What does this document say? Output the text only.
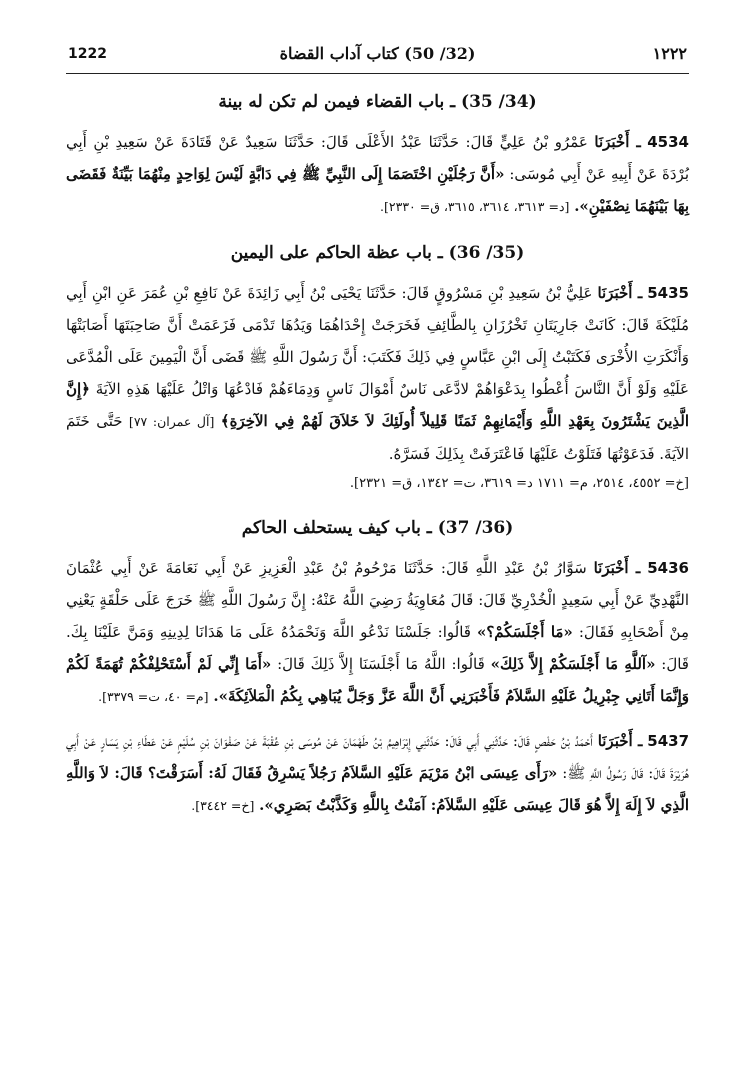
1222	(32/ 50) كتاب آداب القضاة	١٢٢٢
(34/ 35) ـ باب القضاء فيمن لم تكن له بينة

4534 ـ أَخْبَرَنَا عَمْرُو بْنُ عَلِيٍّ قَالَ: حَدَّثَنَا عَبْدُ الأَعْلَى قَالَ: حَدَّثَنَا سَعِيدٌ عَنْ قَتَادَةَ عَنْ سَعِيدِ بْنِ أَبِي بُرْدَةَ عَنْ أَبِيهِ عَنْ أَبِي مُوسَى: «أَنَّ رَجُلَيْنِ اخْتَصَمَا إِلَى النَّبِيِّ ﷺ فِي دَابَّةٍ لَيْسَ لِوَاحِدٍ مِنْهُمَا بَيِّنَةٌ فَقَضَى بِهَا بَيْنَهُمَا نِصْفَيْنِ». [د= ٣٦١٣، ٣٦١٤، ٣٦١٥، ق= ٢٣٣٠].

(35/ 36) ـ باب عظة الحاكم على اليمين

5435 ـ أَخْبَرَنَا عَلِيُّ بْنُ سَعِيدِ بْنِ مَسْرُوقٍ قَالَ: حَدَّثَنَا يَحْيَى بْنُ أَبِي زَائِدَةَ عَنْ نَافِعِ بْنِ عُمَرَ عَنِ ابْنِ أَبِي مُلَيْكَةَ قَالَ: كَانَتْ جَارِيَتَانِ تَخْرُزَانِ بِالطَّائِفِ فَخَرَجَتْ إِحْدَاهُمَا وَيَدُهَا تَدْمَى فَزَعَمَتْ أَنَّ صَاحِبَتَهَا أَصَابَتْهَا وَأَنْكَرَتِ الأُخْرَى فَكَتَبْتُ إِلَى ابْنِ عَبَّاسٍ فِي ذَلِكَ فَكَتَبَ: أَنَّ رَسُولَ اللَّهِ ﷺ قَضَى أَنَّ الْيَمِينَ عَلَى الْمُدَّعَى عَلَيْهِ وَلَوْ أَنَّ النَّاسَ أُعْطُوا بِدَعْوَاهُمْ لادَّعَى نَاسٌ أَمْوَالَ نَاسٍ وَدِمَاءَهُمْ فَادْعُهَا وَاتْلُ عَلَيْهَا هَذِهِ الآيَةَ ﴿إِنَّ الَّذِينَ يَشْتَرُونَ بِعَهْدِ اللَّهِ وَأَيْمَانِهِمْ ثَمَنًا قَلِيلاً أُولَئِكَ لاَ خَلاَقَ لَهُمْ فِي الآخِرَةِ﴾ [آل عمران: ٧٧] حَتَّى خَتَمَ الآيَةَ. فَدَعَوْتُهَا فَتَلَوْتُ عَلَيْهَا فَاعْتَرَفَتْ بِذَلِكَ فَسَرَّهُ.

[خ= ٤٥٥٢، ٢٥١٤، م= ١٧١١ د= ٣٦١٩، ت= ١٣٤٢، ق= ٢٣٢١].

(36/ 37) ـ باب كيف يستحلف الحاكم

5436 ـ أَخْبَرَنَا سَوَّارُ بْنُ عَبْدِ اللَّهِ قَالَ: حَدَّثَنَا مَرْحُومُ بْنُ عَبْدِ الْعَزِيزِ عَنْ أَبِي نَعَامَةَ عَنْ أَبِي عُثْمَانَ النَّهْدِيِّ عَنْ أَبِي سَعِيدٍ الْخُدْرِيِّ قَالَ: قَالَ مُعَاوِيَةُ رَضِيَ اللَّهُ عَنْهُ: إِنَّ رَسُولَ اللَّهِ ﷺ خَرَجَ عَلَى حَلْقَةٍ يَعْنِي مِنْ أَصْحَابِهِ فَقَالَ: «مَا أَجْلَسَكُمْ؟» قَالُوا: جَلَسْنَا نَدْعُو اللَّهَ وَنَحْمَدُهُ عَلَى مَا هَدَانَا لِدِينِهِ وَمَنَّ عَلَيْنَا بِكَ. قَالَ: «آللَّهِ مَا أَجْلَسَكُمْ إِلاَّ ذَلِكَ» قَالُوا: اللَّهُ مَا أَجْلَسَنَا إِلاَّ ذَلِكَ قَالَ: «أَمَا إِنِّي لَمْ أَسْتَحْلِفْكُمْ تُهَمَةً لَكُمْ وَإِنَّمَا أَتَانِي جِبْرِيلُ عَلَيْهِ السَّلاَمُ فَأَخْبَرَنِي أَنَّ اللَّهَ عَزَّ وَجَلَّ يُبَاهِي بِكُمُ الْمَلاَئِكَةَ». [م= ٤٠، ت= ٣٣٧٩].

5437 ـ أَخْبَرَنَا أَحْمَدُ بْنُ حَفْصٍ قَالَ: حَدَّثَنِي أَبِي قَالَ: حَدَّثَنِي إِبْرَاهِيمُ بْنُ طَهْمَانَ عَنْ مُوسَى بْنِ عُقْبَةَ عَنْ صَفْوَانَ بْنِ سُلَيْمٍ عَنْ عَطَاءِ بْنِ يَسَارٍ عَنْ أَبِي هُرَيْرَةَ قَالَ: قَالَ رَسُولُ اللَّهِ ﷺ: «رَأَى عِيسَى ابْنُ مَرْيَمَ عَلَيْهِ السَّلاَمُ رَجُلاً يَسْرِقُ فَقَالَ لَهُ: أَسَرَقْتَ؟ قَالَ: لاَ وَاللَّهِ الَّذِي لاَ إِلَهَ إِلاَّ هُوَ قَالَ عِيسَى عَلَيْهِ السَّلاَمُ: آمَنْتُ بِاللَّهِ وَكَذَّبْتُ بَصَرِي». [خ= ٣٤٤٢].
